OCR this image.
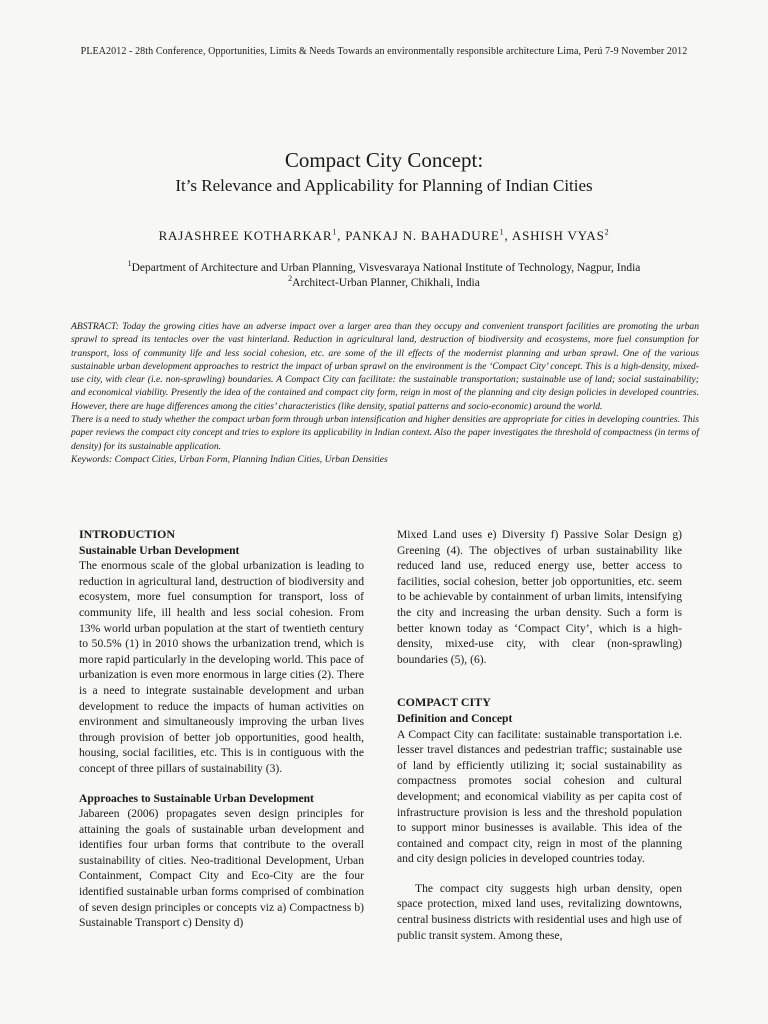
PLEA2012 - 28th Conference, Opportunities, Limits & Needs Towards an environmentally responsible architecture Lima, Perú 7-9 November 2012
Compact City Concept:
It’s Relevance and Applicability for Planning of Indian Cities
RAJASHREE KOTHARKAR$^1$, PANKAJ N. BAHADURE$^1$, ASHISH VYAS$^2$
$^1$Department of Architecture and Urban Planning, Visvesvaraya National Institute of Technology, Nagpur, India
$^2$Architect-Urban Planner, Chikhali, India

ABSTRACT: Today the growing cities have an adverse impact over a larger area than they occupy and convenient transport facilities are promoting the urban sprawl to spread its tentacles over the vast hinterland. Reduction in agricultural land, destruction of biodiversity and ecosystems, more fuel consumption for transport, loss of community life and less social cohesion, etc. are some of the ill effects of the modernist planning and urban sprawl. One of the various sustainable urban development approaches to restrict the impact of urban sprawl on the environment is the ‘Compact City’ concept. This is a high-density, mixed-use city, with clear (i.e. non-sprawling) boundaries. A Compact City can facilitate: the sustainable transportation; sustainable use of land; social sustainability; and economical viability. Presently the idea of the contained and compact city form, reign in most of the planning and city design policies in developed countries. However, there are huge differences among the cities’ characteristics (like density, spatial patterns and socio-economic) around the world.

There is a need to study whether the compact urban form through urban intensification and higher densities are appropriate for cities in developing countries. This paper reviews the compact city concept and tries to explore its applicability in Indian context. Also the paper investigates the threshold of compactness (in terms of density) for its sustainable application.

Keywords: Compact Cities, Urban Form, Planning Indian Cities, Urban Densities

INTRODUCTION

Sustainable Urban Development

The enormous scale of the global urbanization is leading to reduction in agricultural land, destruction of biodiversity and ecosystem, more fuel consumption for transport, loss of community life, ill health and less social cohesion. From 13% world urban population at the start of twentieth century to 50.5% (1) in 2010 shows the urbanization trend, which is more rapid particularly in the developing world. This pace of urbanization is even more enormous in large cities (2). There is a need to integrate sustainable development and urban development to reduce the impacts of human activities on environment and simultaneously improving the urban lives through provision of better job opportunities, good health, housing, social facilities, etc. This is in contiguous with the concept of three pillars of sustainability (3).

Approaches to Sustainable Urban Development

Jabareen (2006) propagates seven design principles for attaining the goals of sustainable urban development and identifies four urban forms that contribute to the overall sustainability of cities. Neo-traditional Development, Urban Containment, Compact City and Eco-City are the four identified sustainable urban forms comprised of combination of seven design principles or concepts viz a) Compactness b) Sustainable Transport c) Density d)

Mixed Land uses e) Diversity f) Passive Solar Design g) Greening (4). The objectives of urban sustainability like reduced land use, reduced energy use, better access to facilities, social cohesion, better job opportunities, etc. seem to be achievable by containment of urban limits, intensifying the city and increasing the urban density. Such a form is better known today as ‘Compact City’, which is a high-density, mixed-use city, with clear (non-sprawling) boundaries (5), (6).

COMPACT CITY

Definition and Concept

A Compact City can facilitate: sustainable transportation i.e. lesser travel distances and pedestrian traffic; sustainable use of land by efficiently utilizing it; social sustainability as compactness promotes social cohesion and cultural development; and economical viability as per capita cost of infrastructure provision is less and the threshold population to support minor businesses is available. This idea of the contained and compact city, reign in most of the planning and city design policies in developed countries today.

The compact city suggests high urban density, open space protection, mixed land uses, revitalizing downtowns, central business districts with residential uses and high use of public transit system. Among these,
